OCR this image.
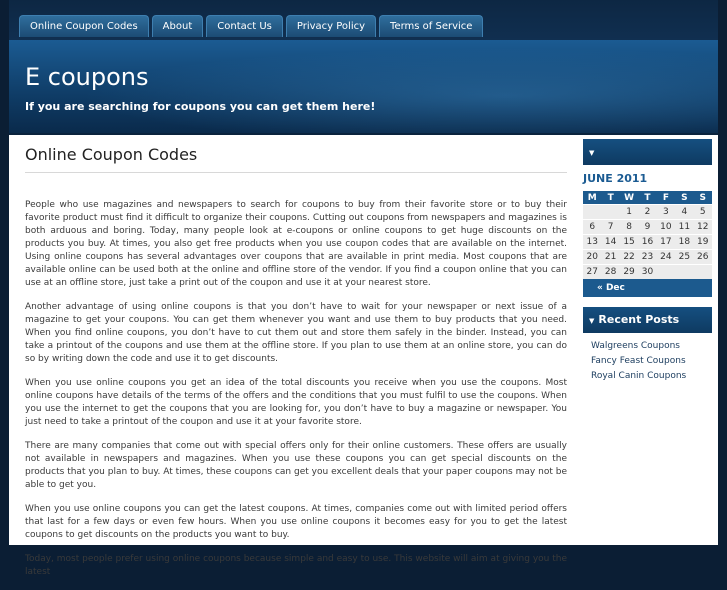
Online Coupon Codes	About	Contact Us	Privacy Policy	Terms of Service
E coupons
If you are searching for coupons you can get them here!
Online Coupon Codes

People who use magazines and newspapers to search for coupons to buy from their favorite store or to buy their favorite product must find it difficult to organize their coupons. Cutting out coupons from newspapers and magazines is both arduous and boring. Today, many people look at e-coupons or online coupons to get huge discounts on the products you buy. At times, you also get free products when you use coupon codes that are available on the internet. Using online coupons has several advantages over coupons that are available in print media. Most coupons that are available online can be used both at the online and offline store of the vendor. If you find a coupon online that you can use at an offline store, just take a print out of the coupon and use it at your nearest store.

Another advantage of using online coupons is that you don’t have to wait for your newspaper or next issue of a magazine to get your coupons. You can get them whenever you want and use them to buy products that you need. When you find online coupons, you don’t have to cut them out and store them safely in the binder. Instead, you can take a printout of the coupons and use them at the offline store. If you plan to use them at an online store, you can do so by writing down the code and use it to get discounts.

When you use online coupons you get an idea of the total discounts you receive when you use the coupons. Most online coupons have details of the terms of the offers and the conditions that you must fulfil to use the coupons. When you use the internet to get the coupons that you are looking for, you don’t have to buy a magazine or newspaper. You just need to take a printout of the coupon and use it at your favorite store.

There are many companies that come out with special offers only for their online customers. These offers are usually not available in newspapers and magazines. When you use these coupons you can get special discounts on the products that you plan to buy. At times, these coupons can get you excellent deals that your paper coupons may not be able to get you.

When you use online coupons you can get the latest coupons. At times, companies come out with limited period offers that last for a few days or even few hours. When you use online coupons it becomes easy for you to get the latest coupons to get discounts on the products you want to buy.

Today, most people prefer using online coupons because simple and easy to use. This website will aim at giving you the latest

▼
JUNE 2011
M	T	W	T	F	S	S
		1	2	3	4	5
6	7	8	9	10	11	12
13	14	15	16	17	18	19
20	21	22	23	24	25	26
27	28	29	30			
« Dec
▼ Recent Posts
Walgreens Coupons
Fancy Feast Coupons
Royal Canin Coupons
